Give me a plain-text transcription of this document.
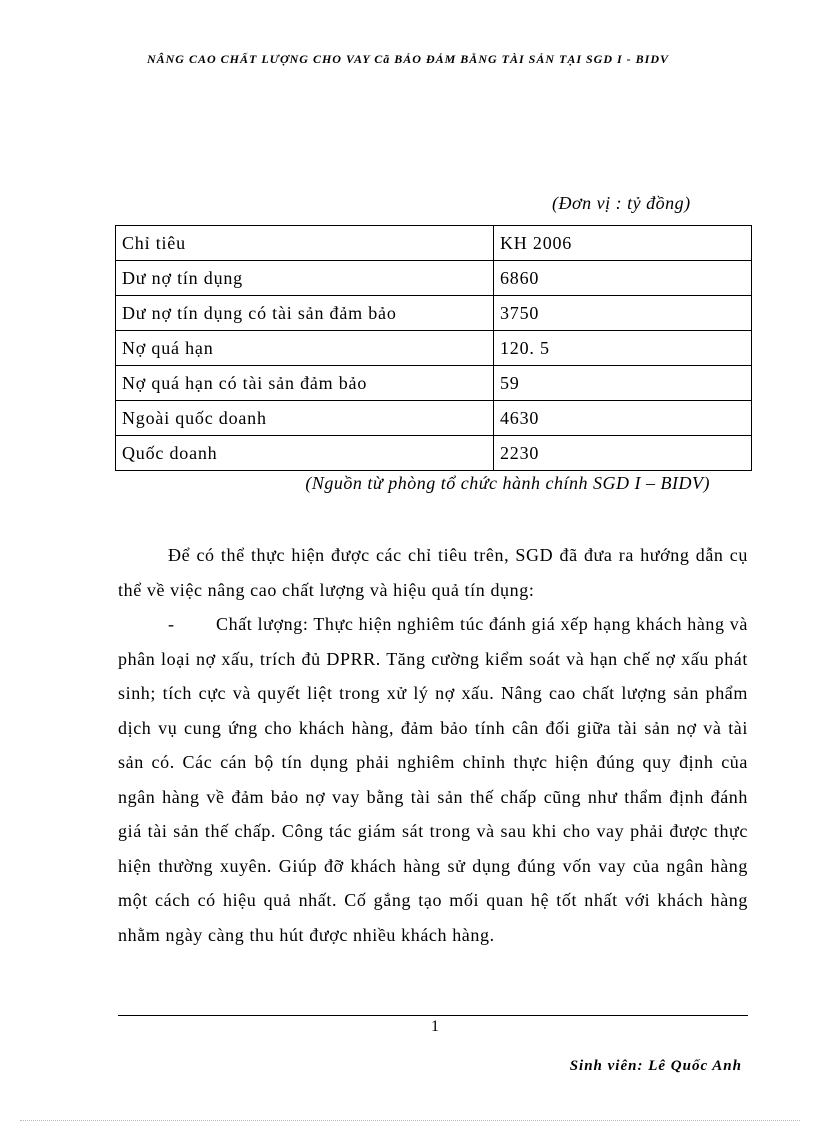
NÂNG CAO CHẤT LƯỢNG CHO VAY Cã BẢO ĐẢM BẰNG TÀI SẢN TẠI SGD I - BIDV
(Đơn vị : tỷ đồng)
Chỉ tiêu	KH 2006
Dư nợ tín dụng	6860
Dư nợ tín dụng có tài sản đảm bảo	3750
Nợ quá hạn	120. 5
Nợ quá hạn có tài sản đảm bảo	59
Ngoài quốc doanh	4630
Quốc doanh	2230
(Nguồn từ phòng tổ chức hành chính SGD I – BIDV)

Để có thể thực hiện được các chỉ tiêu trên, SGD đã đưa ra hướng dẫn cụ thể về việc nâng cao chất lượng và hiệu quả tín dụng:

- Chất lượng: Thực hiện nghiêm túc đánh giá xếp hạng khách hàng và phân loại nợ xấu, trích đủ DPRR. Tăng cường kiểm soát và hạn chế nợ xấu phát sinh; tích cực và quyết liệt trong xử lý nợ xấu. Nâng cao chất lượng sản phẩm dịch vụ cung ứng cho khách hàng, đảm bảo tính cân đối giữa tài sản nợ và tài sản có. Các cán bộ tín dụng phải nghiêm chỉnh thực hiện đúng quy định của ngân hàng về đảm bảo nợ vay bằng tài sản thế chấp cũng như thẩm định đánh giá tài sản thế chấp. Công tác giám sát trong và sau khi cho vay phải được thực hiện thường xuyên. Giúp đỡ khách hàng sử dụng đúng vốn vay của ngân hàng một cách có hiệu quả nhất. Cố gắng tạo mối quan hệ tốt nhất với khách hàng nhằm ngày càng thu hút được nhiều khách hàng.

1
Sinh viên: Lê Quốc Anh
